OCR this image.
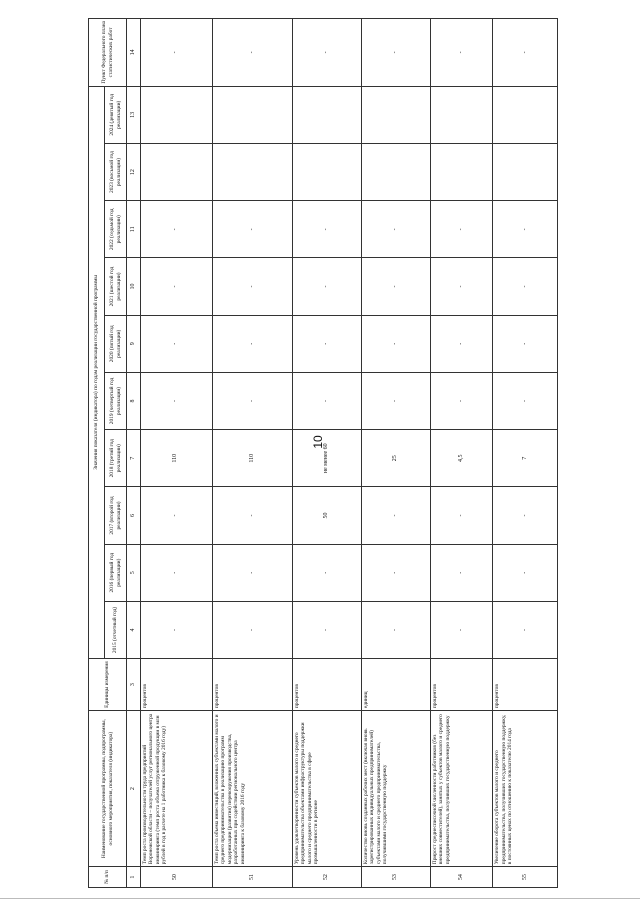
10
№ п/п	Наименование государственной программы, подпрограммы, основного мероприятия, показателя (индикатора)	Единицы измерения	Значения показателя (индикатора) по годам реализации государственной программы										Пункт Федерального плана статистических работ
			2015 (отчетный год)	2016 (первый год реализации)	2017 (второй год реализации)	2018 (третий год реализации)	2019 (четвертый год реализации)	2020 (пятый год реализации)	2021 (шестой год реализации)	2022 (седьмой год реализации)	2023 (восьмой год реализации)	2024 (девятый год реализации)	
1	2	3	4	5	6	7	8	9	10	11	12	13	14
50	Темп роста производительности труда предприятий Воронежской области – получателей услуг регионального центра инжиниринга (темп роста объема отгруженной продукции в млн рублей в год в расчете на 1 работника к базовому 2016 году)	процентов	-	-	-	110	-	-	-	-			-
51	Темп роста объема инвестиций, вложенных субъектами малого и среднего предпринимательства в реализацию программ модернизации (развития) перевооружения производства, разработанных при содействии регионального центра инжиниринга к базовому 2016 году	процентов	-	-	-	110	-	-	-	-			-
52	Уровень удовлетворенности субъектов малого и среднего предпринимательства объектами инфраструктуры поддержки малого и среднего предпринимательства в сфере промышленности в регионе	процентов	-	-	50	не менее 60	-	-	-	-			-
53	Количество вновь созданных рабочих мест (включая вновь зарегистрированных индивидуальных предпринимателей) субъектами малого и среднего предпринимательства, получившими государственную поддержку	единиц	-	-	-	25	-	-	-	-			-
54	Прирост среднесписочной численности работников (без внешних совместителей), занятых у субъектов малого и среднего предпринимательства, получивших государственную поддержку	процентов	-	-	-	4,5	-	-	-	-			-
55	Увеличение оборота субъектов малого и среднего предпринимательства, получивших государственную поддержку, в постоянных ценах по отношению к показателю 2014 года	процентов	-	-	-	7	-	-	-	-			-
